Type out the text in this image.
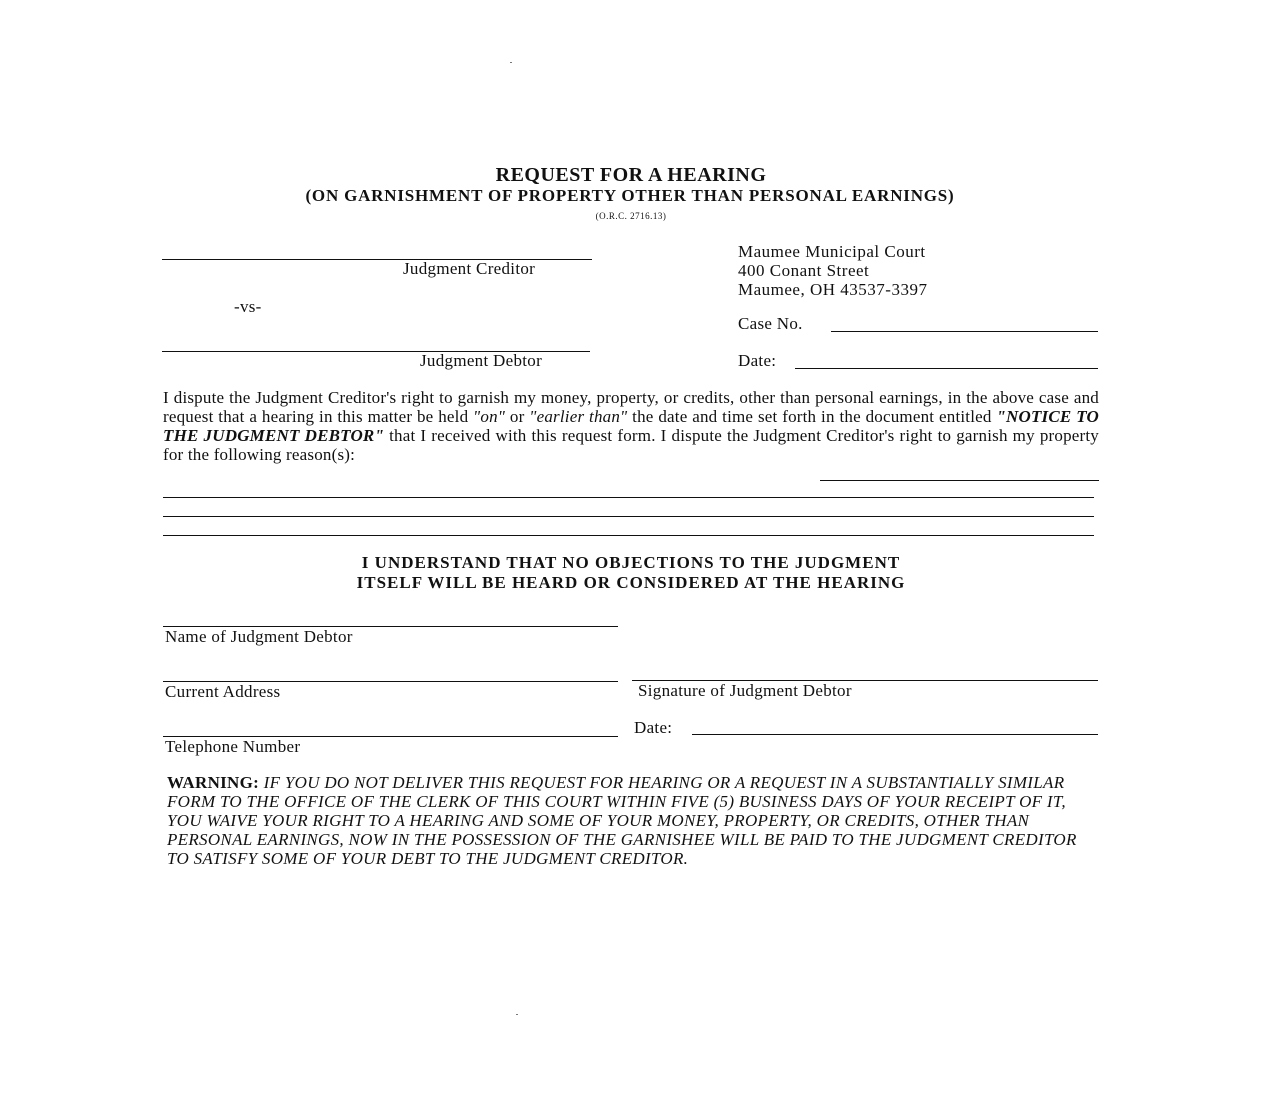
REQUEST FOR A HEARING
(ON GARNISHMENT OF PROPERTY OTHER THAN PERSONAL EARNINGS)
(O.R.C. 2716.13)
Judgment Creditor
-vs-
Judgment Debtor
Maumee Municipal Court
400 Conant Street
Maumee, OH 43537-3397
Case No.
Date:
I dispute the Judgment Creditor's right to garnish my money, property, or credits, other than personal earnings, in the above case and request that a hearing in this matter be held "on" or "earlier than" the date and time set forth in the document entitled "NOTICE TO THE JUDGMENT DEBTOR" that I received with this request form. I dispute the Judgment Creditor's right to garnish my property for the following reason(s):
I UNDERSTAND THAT NO OBJECTIONS TO THE JUDGMENT
ITSELF WILL BE HEARD OR CONSIDERED AT THE HEARING
Name of Judgment Debtor
Current Address	Signature of Judgment Debtor
Date:
Telephone Number
WARNING: IF YOU DO NOT DELIVER THIS REQUEST FOR HEARING OR A REQUEST IN A SUBSTANTIALLY SIMILAR FORM TO THE OFFICE OF THE CLERK OF THIS COURT WITHIN FIVE (5) BUSINESS DAYS OF YOUR RECEIPT OF IT, YOU WAIVE YOUR RIGHT TO A HEARING AND SOME OF YOUR MONEY, PROPERTY, OR CREDITS, OTHER THAN PERSONAL EARNINGS, NOW IN THE POSSESSION OF THE GARNISHEE WILL BE PAID TO THE JUDGMENT CREDITOR TO SATISFY SOME OF YOUR DEBT TO THE JUDGMENT CREDITOR.
